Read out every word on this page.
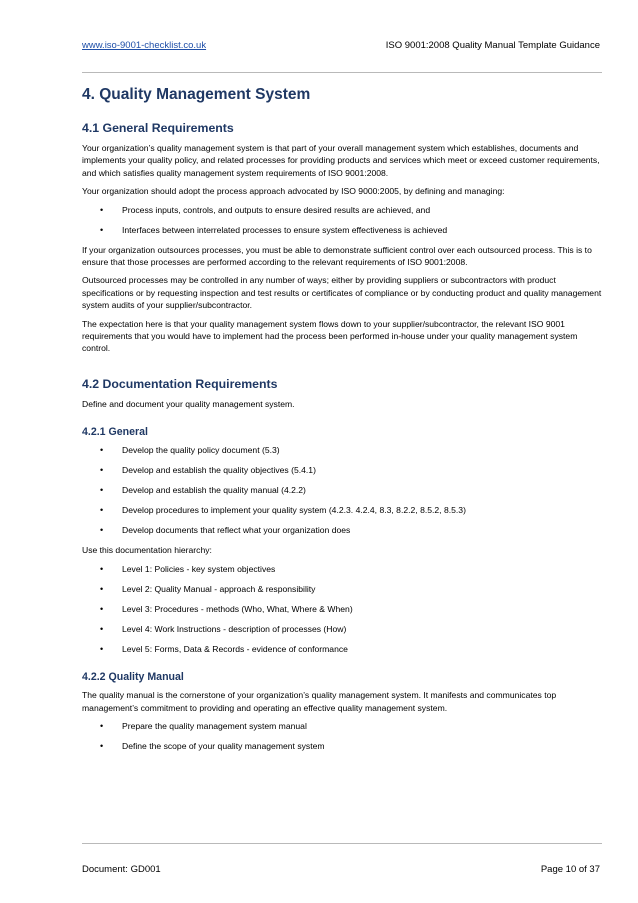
www.iso-9001-checklist.co.uk	ISO 9001:2008 Quality Manual Template Guidance
4. Quality Management System
4.1 General Requirements

Your organization’s quality management system is that part of your overall management system which establishes, documents and implements your quality policy, and related processes for providing products and services which meet or exceed customer requirements, and which satisfies quality management system requirements of ISO 9001:2008.

Your organization should adopt the process approach advocated by ISO 9000:2005, by defining and managing:

• Process inputs, controls, and outputs to ensure desired results are achieved, and
• Interfaces between interrelated processes to ensure system effectiveness is achieved

If your organization outsources processes, you must be able to demonstrate sufficient control over each outsourced process. This is to ensure that those processes are performed according to the relevant requirements of ISO 9001:2008.

Outsourced processes may be controlled in any number of ways; either by providing suppliers or subcontractors with product specifications or by requesting inspection and test results or certificates of compliance or by conducting product and quality management system audits of your supplier/subcontractor.

The expectation here is that your quality management system flows down to your supplier/subcontractor, the relevant ISO 9001 requirements that you would have to implement had the process been performed in-house under your quality management system control.

4.2 Documentation Requirements

Define and document your quality management system.

4.2.1 General
• Develop the quality policy document (5.3)
• Develop and establish the quality objectives (5.4.1)
• Develop and establish the quality manual (4.2.2)
• Develop procedures to implement your quality system (4.2.3. 4.2.4, 8.3, 8.2.2, 8.5.2, 8.5.3)
• Develop documents that reflect what your organization does

Use this documentation hierarchy:

• Level 1: Policies - key system objectives
• Level 2: Quality Manual - approach & responsibility
• Level 3: Procedures - methods (Who, What, Where & When)
• Level 4: Work Instructions - description of processes (How)
• Level 5: Forms, Data & Records - evidence of conformance
4.2.2 Quality Manual

The quality manual is the cornerstone of your organization’s quality management system. It manifests and communicates top management’s commitment to providing and operating an effective quality management system.

• Prepare the quality management system manual
• Define the scope of your quality management system
Document: GD001	Page 10 of 37
